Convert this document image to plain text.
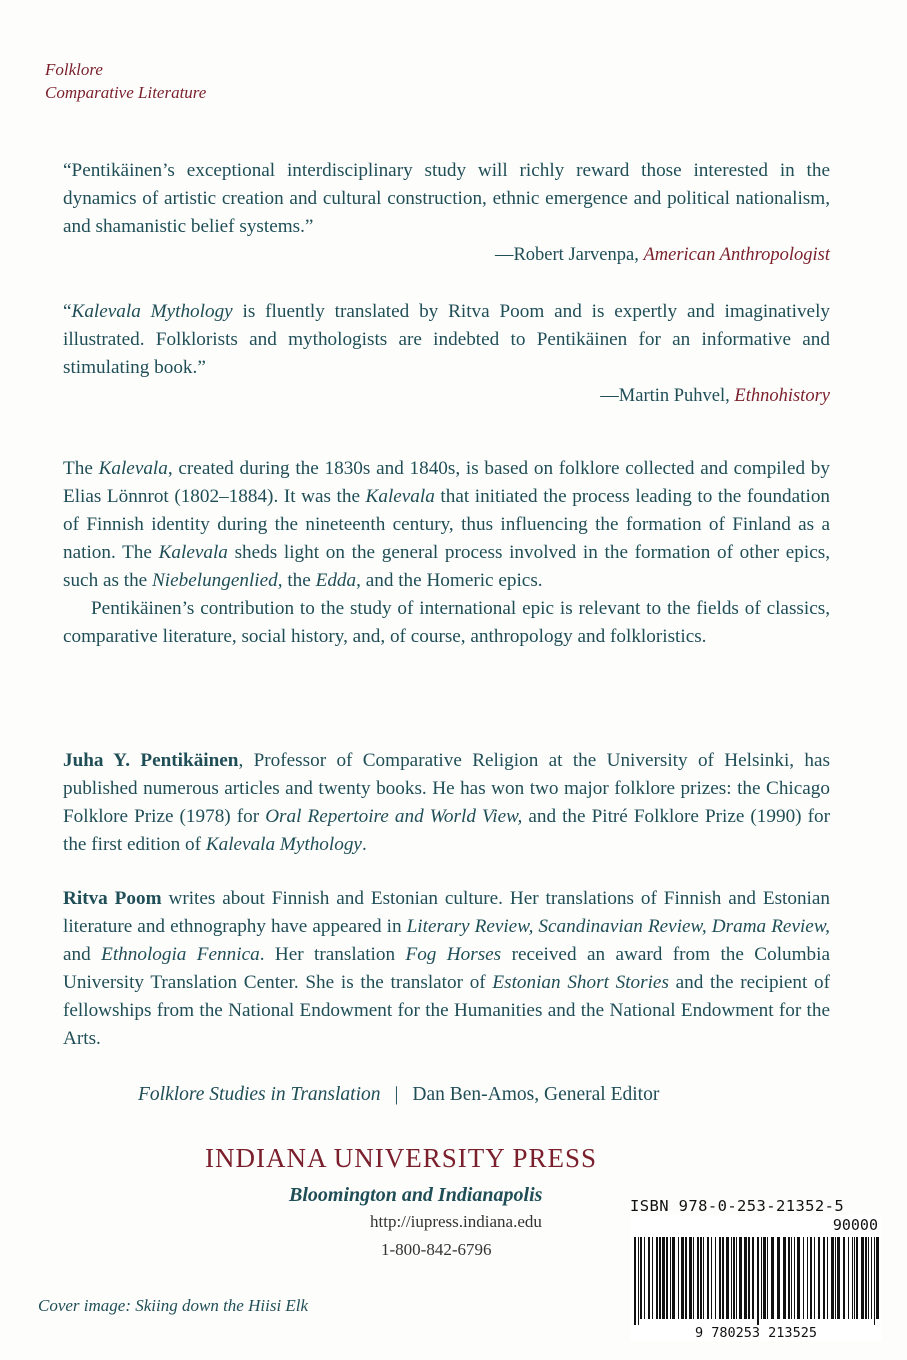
Folklore
Comparative Literature

“Pentikäinen’s exceptional interdisciplinary study will richly reward those interested in the dynamics of artistic creation and cultural construction, ethnic emergence and political nationalism, and shamanistic belief systems.”

—Robert Jarvenpa, American Anthropologist

“Kalevala Mythology is fluently translated by Ritva Poom and is expertly and imaginatively illustrated. Folklorists and mythologists are indebted to Pentikäinen for an informative and stimulating book.”

—Martin Puhvel, Ethnohistory

The Kalevala, created during the 1830s and 1840s, is based on folklore collected and compiled by Elias Lönnrot (1802–1884). It was the Kalevala that initiated the process leading to the foundation of Finnish identity during the nineteenth century, thus influencing the formation of Finland as a nation. The Kalevala sheds light on the general process involved in the formation of other epics, such as the Niebelungenlied, the Edda, and the Homeric epics.

Pentikäinen’s contribution to the study of international epic is relevant to the fields of classics, comparative literature, social history, and, of course, anthropology and folkloristics.

Juha Y. Pentikäinen, Professor of Comparative Religion at the University of Helsinki, has published numerous articles and twenty books. He has won two major folklore prizes: the Chicago Folklore Prize (1978) for Oral Repertoire and World View, and the Pitré Folklore Prize (1990) for the first edition of Kalevala Mythology.

Ritva Poom writes about Finnish and Estonian culture. Her translations of Finnish and Estonian literature and ethnography have appeared in Literary Review, Scandinavian Review, Drama Review, and Ethnologia Fennica. Her translation Fog Horses received an award from the Columbia University Translation Center. She is the translator of Estonian Short Stories and the recipient of fellowships from the National Endowment for the Humanities and the National Endowment for the Arts.

Folklore Studies in Translation | Dan Ben-Amos, General Editor
INDIANA UNIVERSITY PRESS
Bloomington and Indianapolis
http://iupress.indiana.edu
1-800-842-6796
Cover image: Skiing down the Hiisi Elk
ISBN 978-0-253-21352-5
90000
9 780253 213525
